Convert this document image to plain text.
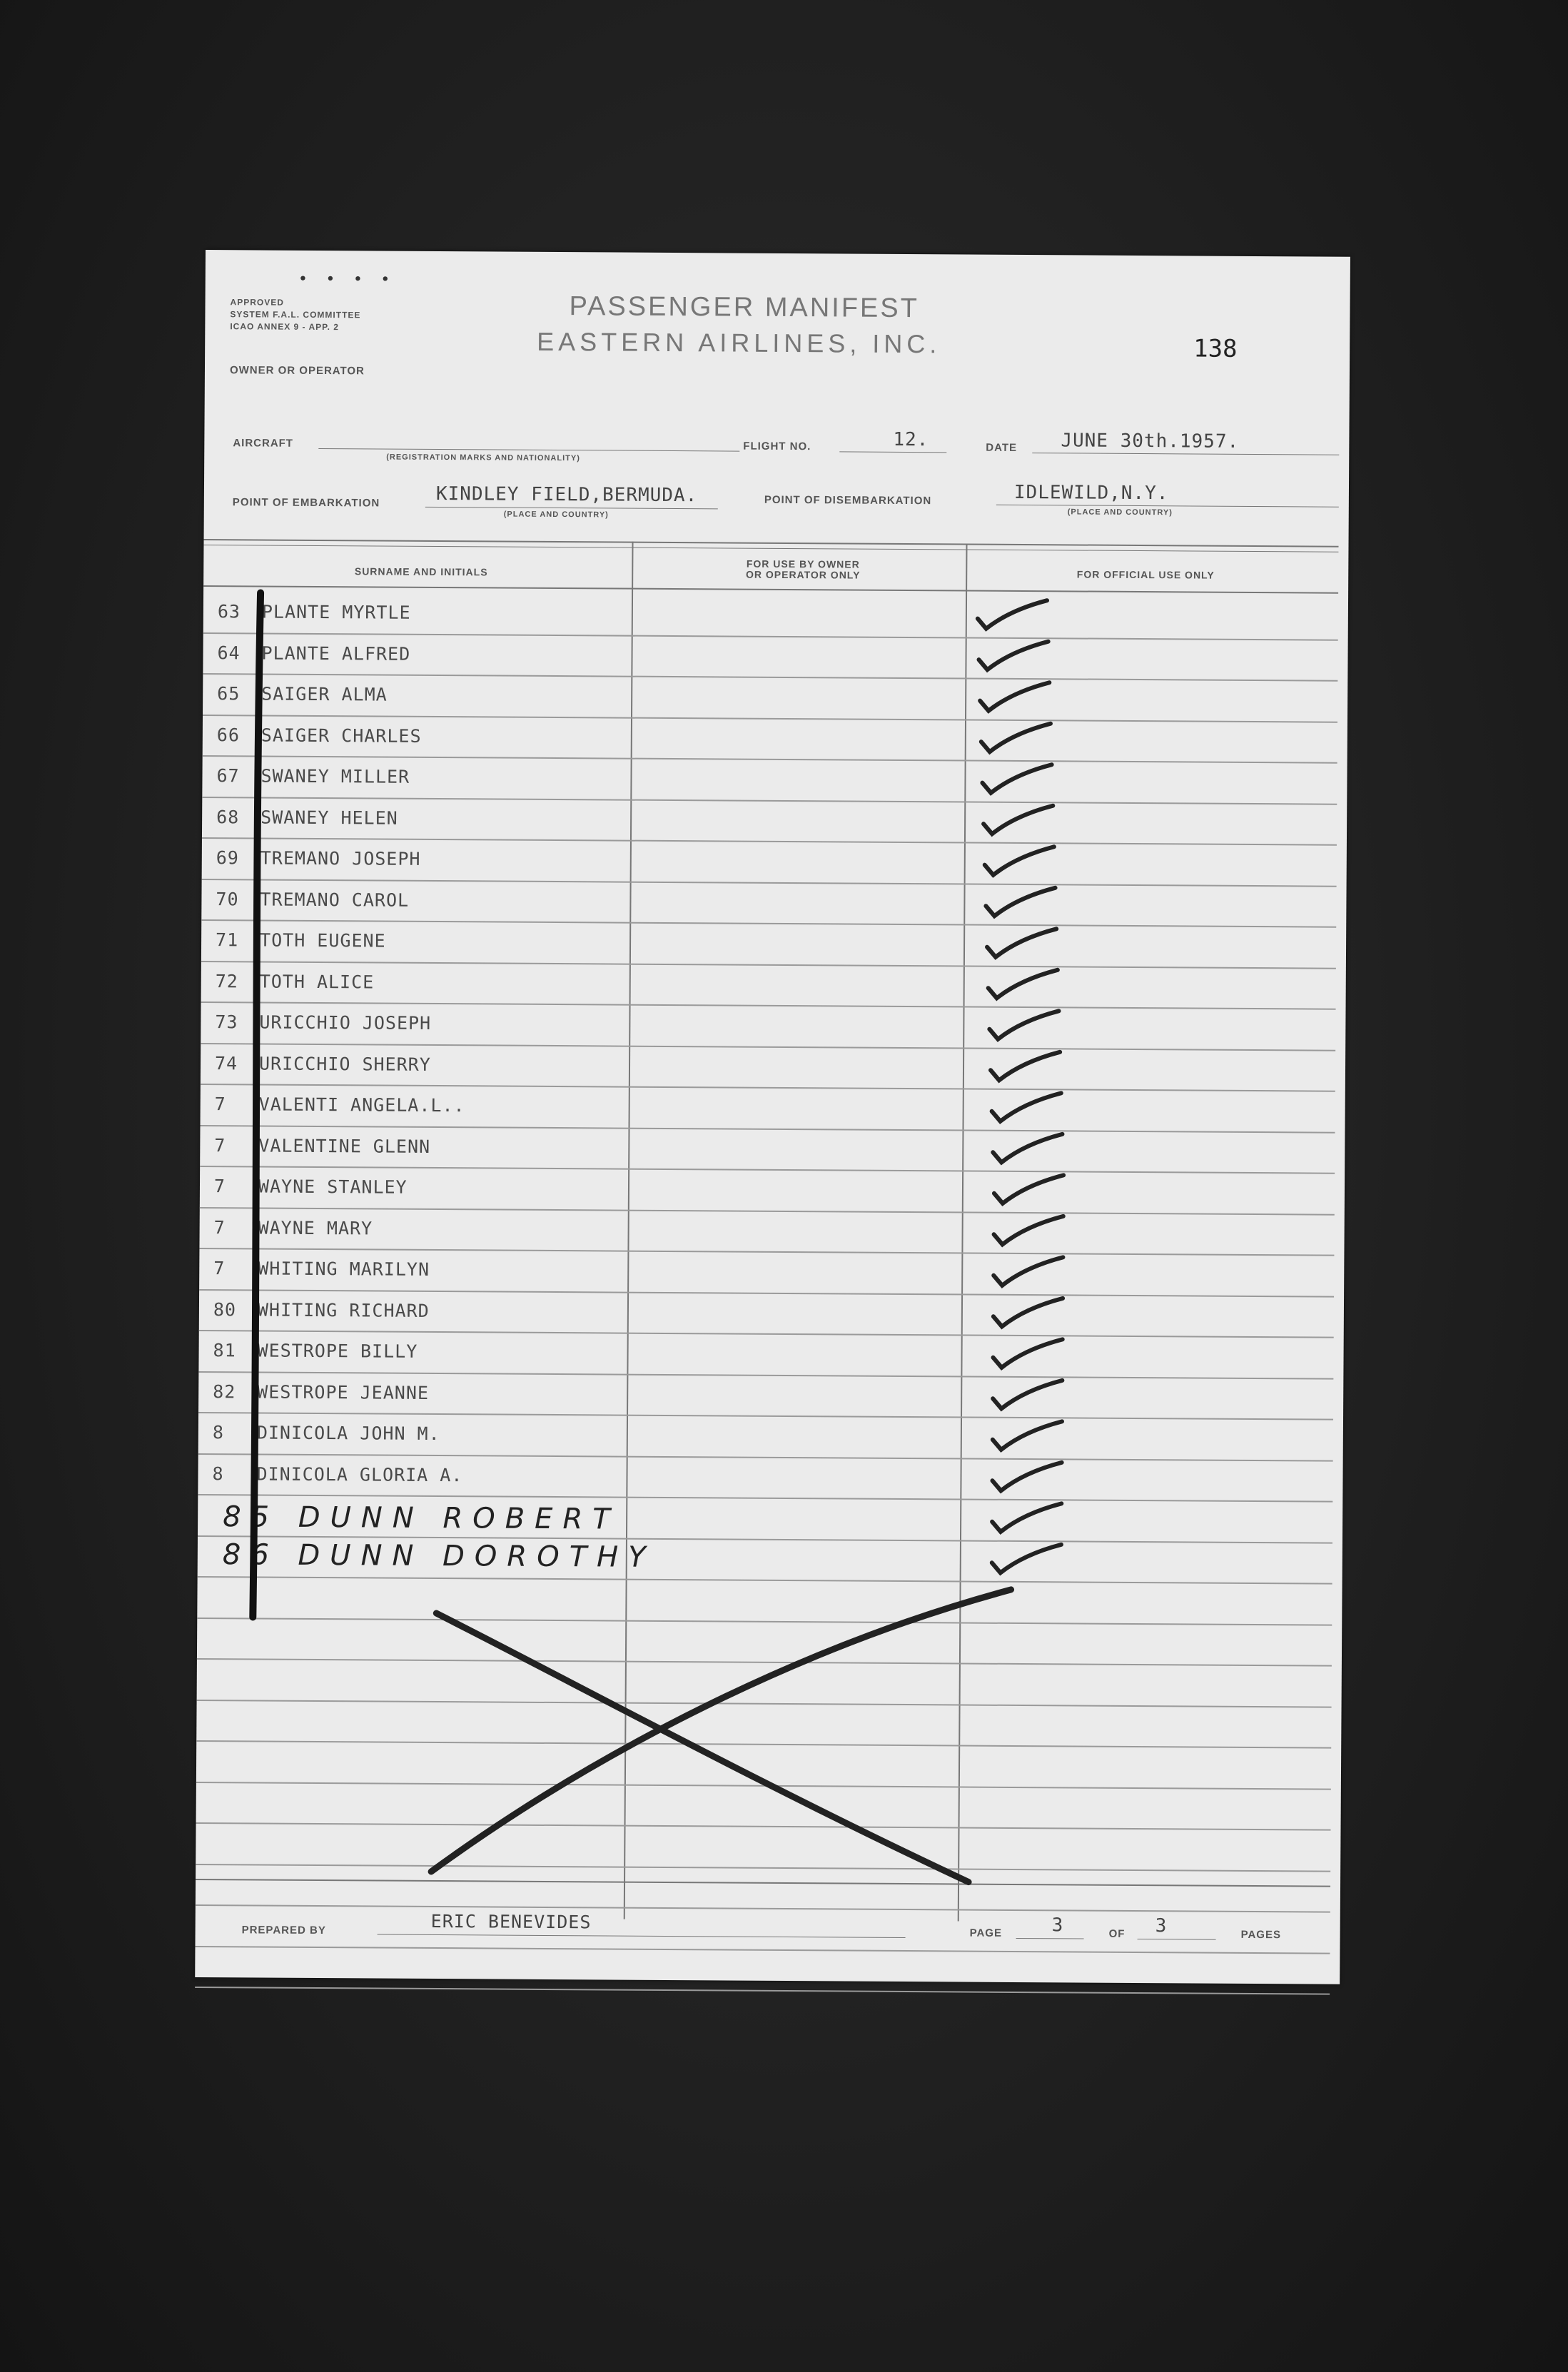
• • • •
APPROVED
SYSTEM F.A.L. COMMITTEE
ICAO ANNEX 9 - APP. 2
OWNER OR OPERATOR
PASSENGER MANIFEST
EASTERN AIRLINES, INC.	138
AIRCRAFT
(REGISTRATION MARKS AND NATIONALITY)
FLIGHT NO.	12.	DATE JUNE 30th.1957.
POINT OF EMBARKATION	KINDLEY FIELD,BERMUDA.
(PLACE AND COUNTRY)
POINT OF DISEMBARKATION	IDLEWILD,N.Y.
(PLACE AND COUNTRY)
SURNAME AND INITIALS
FOR USE BY OWNER
OR OPERATOR ONLY	FOR OFFICIAL USE ONLY
63 PLANTE MYRTLE
64 PLANTE ALFRED
65 SAIGER ALMA
66 SAIGER CHARLES
67 SWANEY MILLER
68 SWANEY HELEN
69 TREMANO JOSEPH
70 TREMANO CAROL
71 TOTH EUGENE
72 TOTH ALICE
73 URICCHIO JOSEPH
74 URICCHIO SHERRY
7 VALENTI ANGELA.L..
7 VALENTINE GLENN
7 WAYNE STANLEY
7 WAYNE MARY
7 WHITING MARILYN
80 WHITING RICHARD
81 WESTROPE BILLY
82 WESTROPE JEANNE
8 DINICOLA JOHN M.
8 DINICOLA GLORIA A.
85 DUNN ROBERT
86 DUNN DOROTHY
PREPARED BY	ERIC BENEVIDES
PAGE	3	OF 3	PAGES
